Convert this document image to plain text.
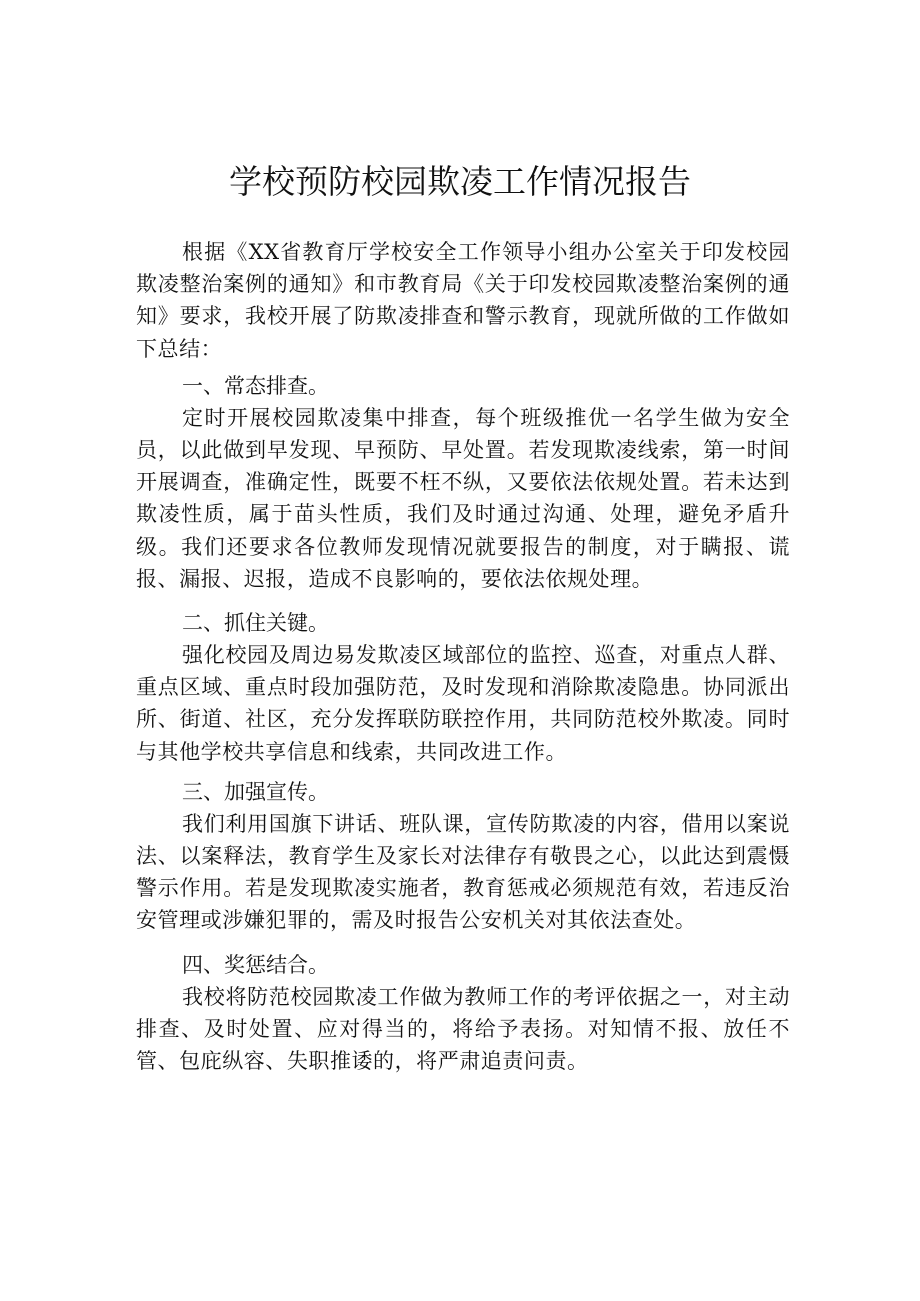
学校预防校园欺凌工作情况报告

根据《XX省教育厅学校安全工作领导小组办公室关于印发校园欺凌整治案例的通知》和市教育局《关于印发校园欺凌整治案例的通知》要求，我校开展了防欺凌排查和警示教育，现就所做的工作做如下总结：

一、常态排查。

定时开展校园欺凌集中排查，每个班级推优一名学生做为安全员，以此做到早发现、早预防、早处置。若发现欺凌线索，第一时间开展调查，准确定性，既要不枉不纵，又要依法依规处置。若未达到欺凌性质，属于苗头性质，我们及时通过沟通、处理，避免矛盾升级。我们还要求各位教师发现情况就要报告的制度，对于瞒报、谎报、漏报、迟报，造成不良影响的，要依法依规处理。

二、抓住关键。

强化校园及周边易发欺凌区域部位的监控、巡查，对重点人群、重点区域、重点时段加强防范，及时发现和消除欺凌隐患。协同派出所、街道、社区，充分发挥联防联控作用，共同防范校外欺凌。同时与其他学校共享信息和线索，共同改进工作。

三、加强宣传。

我们利用国旗下讲话、班队课，宣传防欺凌的内容，借用以案说法、以案释法，教育学生及家长对法律存有敬畏之心，以此达到震慑警示作用。若是发现欺凌实施者，教育惩戒必须规范有效，若违反治安管理或涉嫌犯罪的，需及时报告公安机关对其依法查处。

四、奖惩结合。

我校将防范校园欺凌工作做为教师工作的考评依据之一，对主动排查、及时处置、应对得当的，将给予表扬。对知情不报、放任不管、包庇纵容、失职推诿的，将严肃追责问责。
